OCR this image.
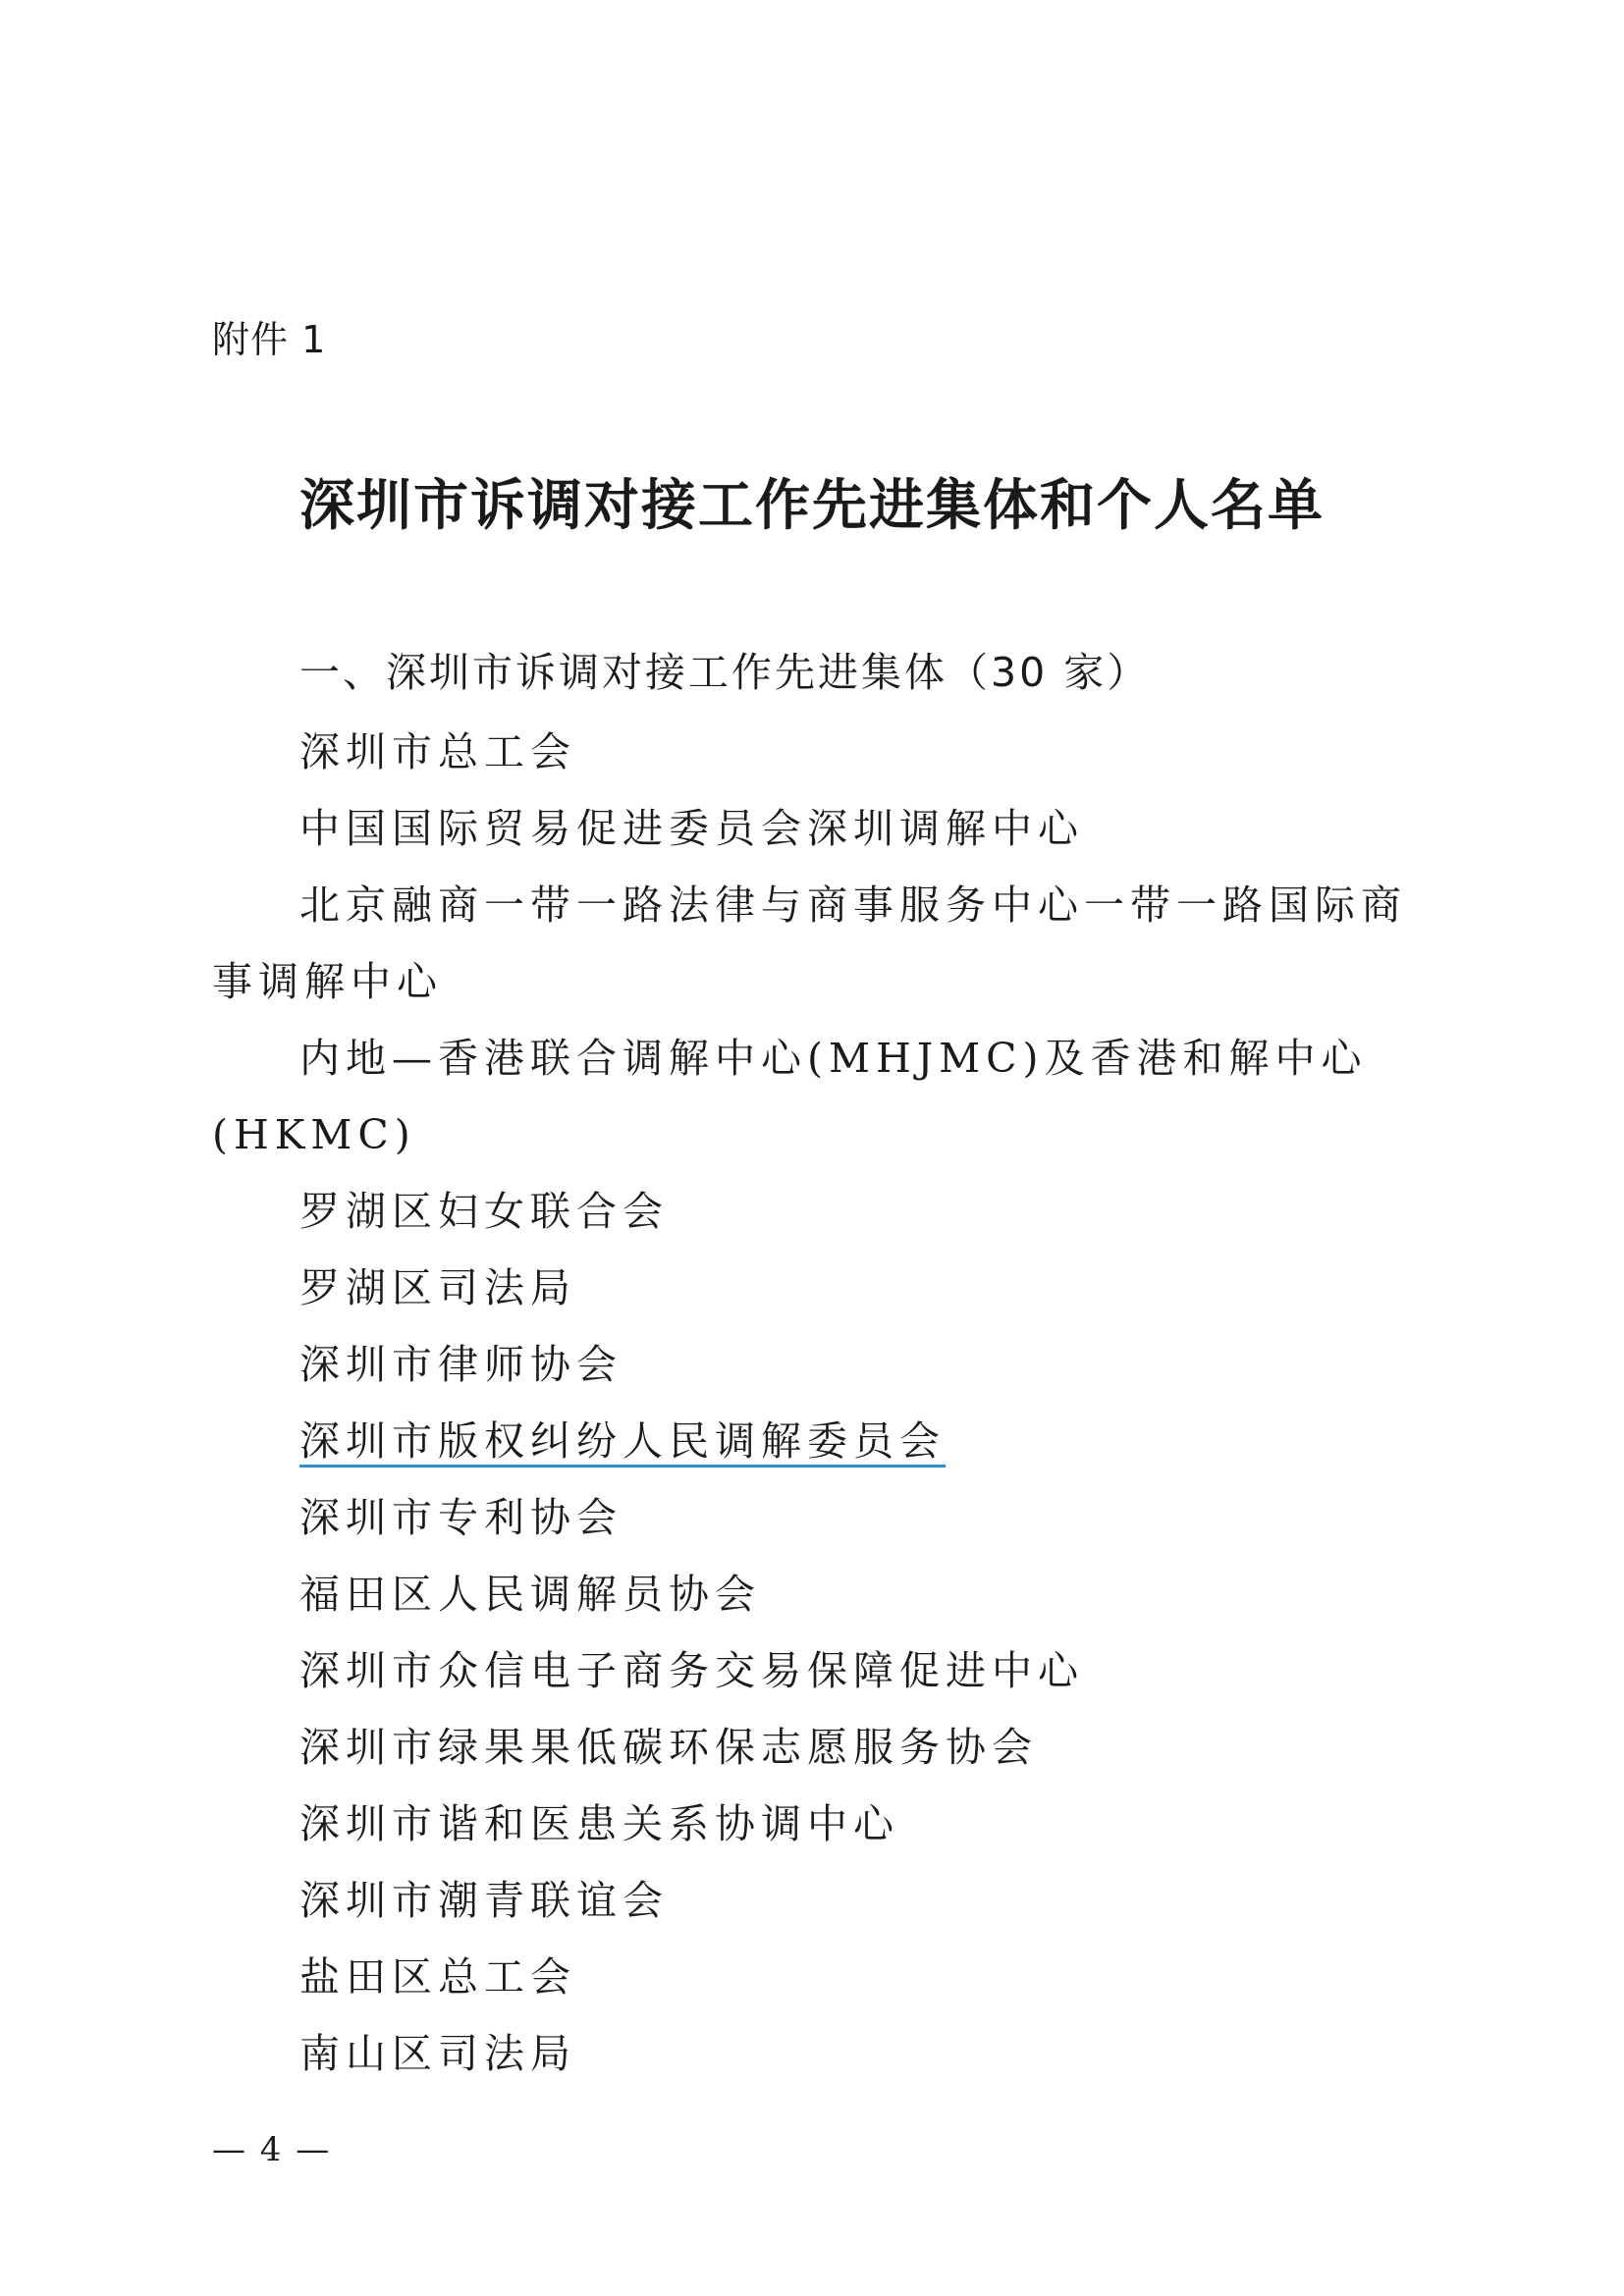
附件 1
深圳市诉调对接工作先进集体和个人名单
一、深圳市诉调对接工作先进集体（30 家）
深圳市总工会
中国国际贸易促进委员会深圳调解中心
北京融商一带一路法律与商事服务中心一带一路国际商事调解中心
内地—香港联合调解中心(MHJMC)及香港和解中心(HKMC)
罗湖区妇女联合会
罗湖区司法局
深圳市律师协会
深圳市版权纠纷人民调解委员会
深圳市专利协会
福田区人民调解员协会
深圳市众信电子商务交易保障促进中心
深圳市绿果果低碳环保志愿服务协会
深圳市谐和医患关系协调中心
深圳市潮青联谊会
盐田区总工会
南山区司法局
— 4 —
